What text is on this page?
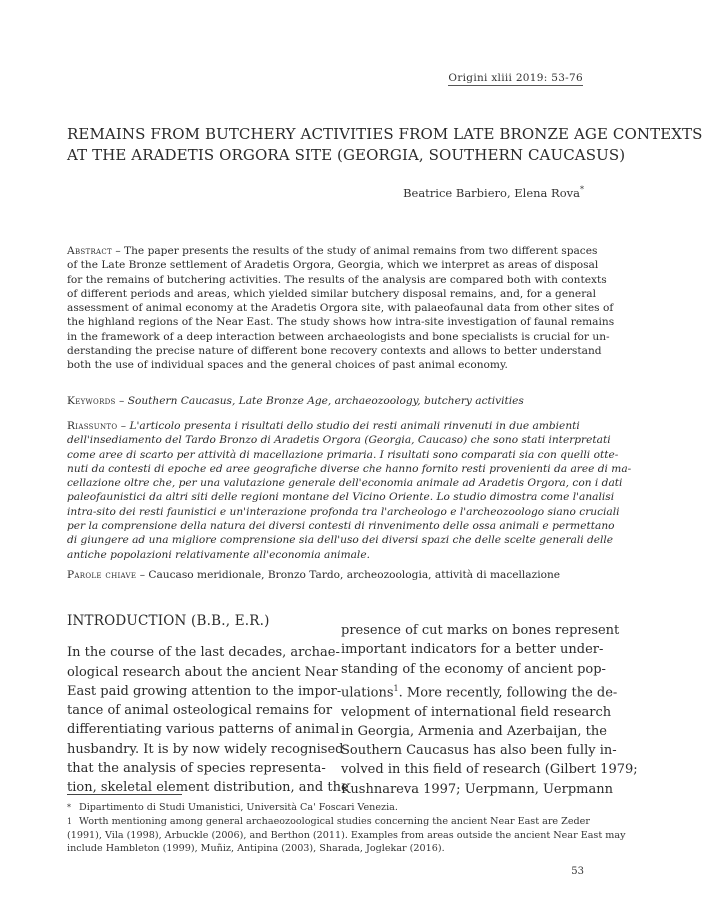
Origini xliii 2019: 53-76
REMAINS FROM BUTCHERY ACTIVITIES FROM LATE BRONZE AGE CONTEXTS
AT THE ARADETIS ORGORA SITE (GEORGIA, SOUTHERN CAUCASUS)
Beatrice Barbiero, Elena Rova*
Abstract – The paper presents the results of the study of animal remains from two different spaces
of the Late Bronze settlement of Aradetis Orgora, Georgia, which we interpret as areas of disposal
for the remains of butchering activities. The results of the analysis are compared both with contexts
of different periods and areas, which yielded similar butchery disposal remains, and, for a general
assessment of animal economy at the Aradetis Orgora site, with palaeofaunal data from other sites of
the highland regions of the Near East. The study shows how intra-site investigation of faunal remains
in the framework of a deep interaction between archaeologists and bone specialists is crucial for un-
derstanding the precise nature of different bone recovery contexts and allows to better understand
both the use of individual spaces and the general choices of past animal economy.
Keywords – Southern Caucasus, Late Bronze Age, archaeozoology, butchery activities
Riassunto – L'articolo presenta i risultati dello studio dei resti animali rinvenuti in due ambienti
dell'insediamento del Tardo Bronzo di Aradetis Orgora (Georgia, Caucaso) che sono stati interpretati
come aree di scarto per attività di macellazione primaria. I risultati sono comparati sia con quelli otte-
nuti da contesti di epoche ed aree geografiche diverse che hanno fornito resti provenienti da aree di ma-
cellazione oltre che, per una valutazione generale dell'economia animale ad Aradetis Orgora, con i dati
paleofaunistici da altri siti delle regioni montane del Vicino Oriente. Lo studio dimostra come l'analisi
intra-sito dei resti faunistici e un'interazione profonda tra l'archeologo e l'archeozoologo siano cruciali
per la comprensione della natura dei diversi contesti di rinvenimento delle ossa animali e permettano
di giungere ad una migliore comprensione sia dell'uso dei diversi spazi che delle scelte generali delle
antiche popolazioni relativamente all'economia animale.
Parole chiave – Caucaso meridionale, Bronzo Tardo, archeozoologia, attività di macellazione
INTRODUCTION (B.B., E.R.)
In the course of the last decades, archae-
ological research about the ancient Near
East paid growing attention to the impor-
tance of animal osteological remains for
differentiating various patterns of animal
husbandry. It is by now widely recognised
that the analysis of species representa-
tion, skeletal element distribution, and the
presence of cut marks on bones represent
important indicators for a better under-
standing of the economy of ancient pop-
ulations$^1$. More recently, following the de-
velopment of international field research
in Georgia, Armenia and Azerbaijan, the
Southern Caucasus has also been fully in-
volved in this field of research (Gilbert 1979;
Kushnareva 1997; Uerpmann, Uerpmann
* Dipartimento di Studi Umanistici, Università Ca' Foscari Venezia.
1 Worth mentioning among general archaeozoological studies concerning the ancient Near East are Zeder
(1991), Vila (1998), Arbuckle (2006), and Berthon (2011). Examples from areas outside the ancient Near East may
include Hambleton (1999), Muñiz, Antipina (2003), Sharada, Joglekar (2016).
53
